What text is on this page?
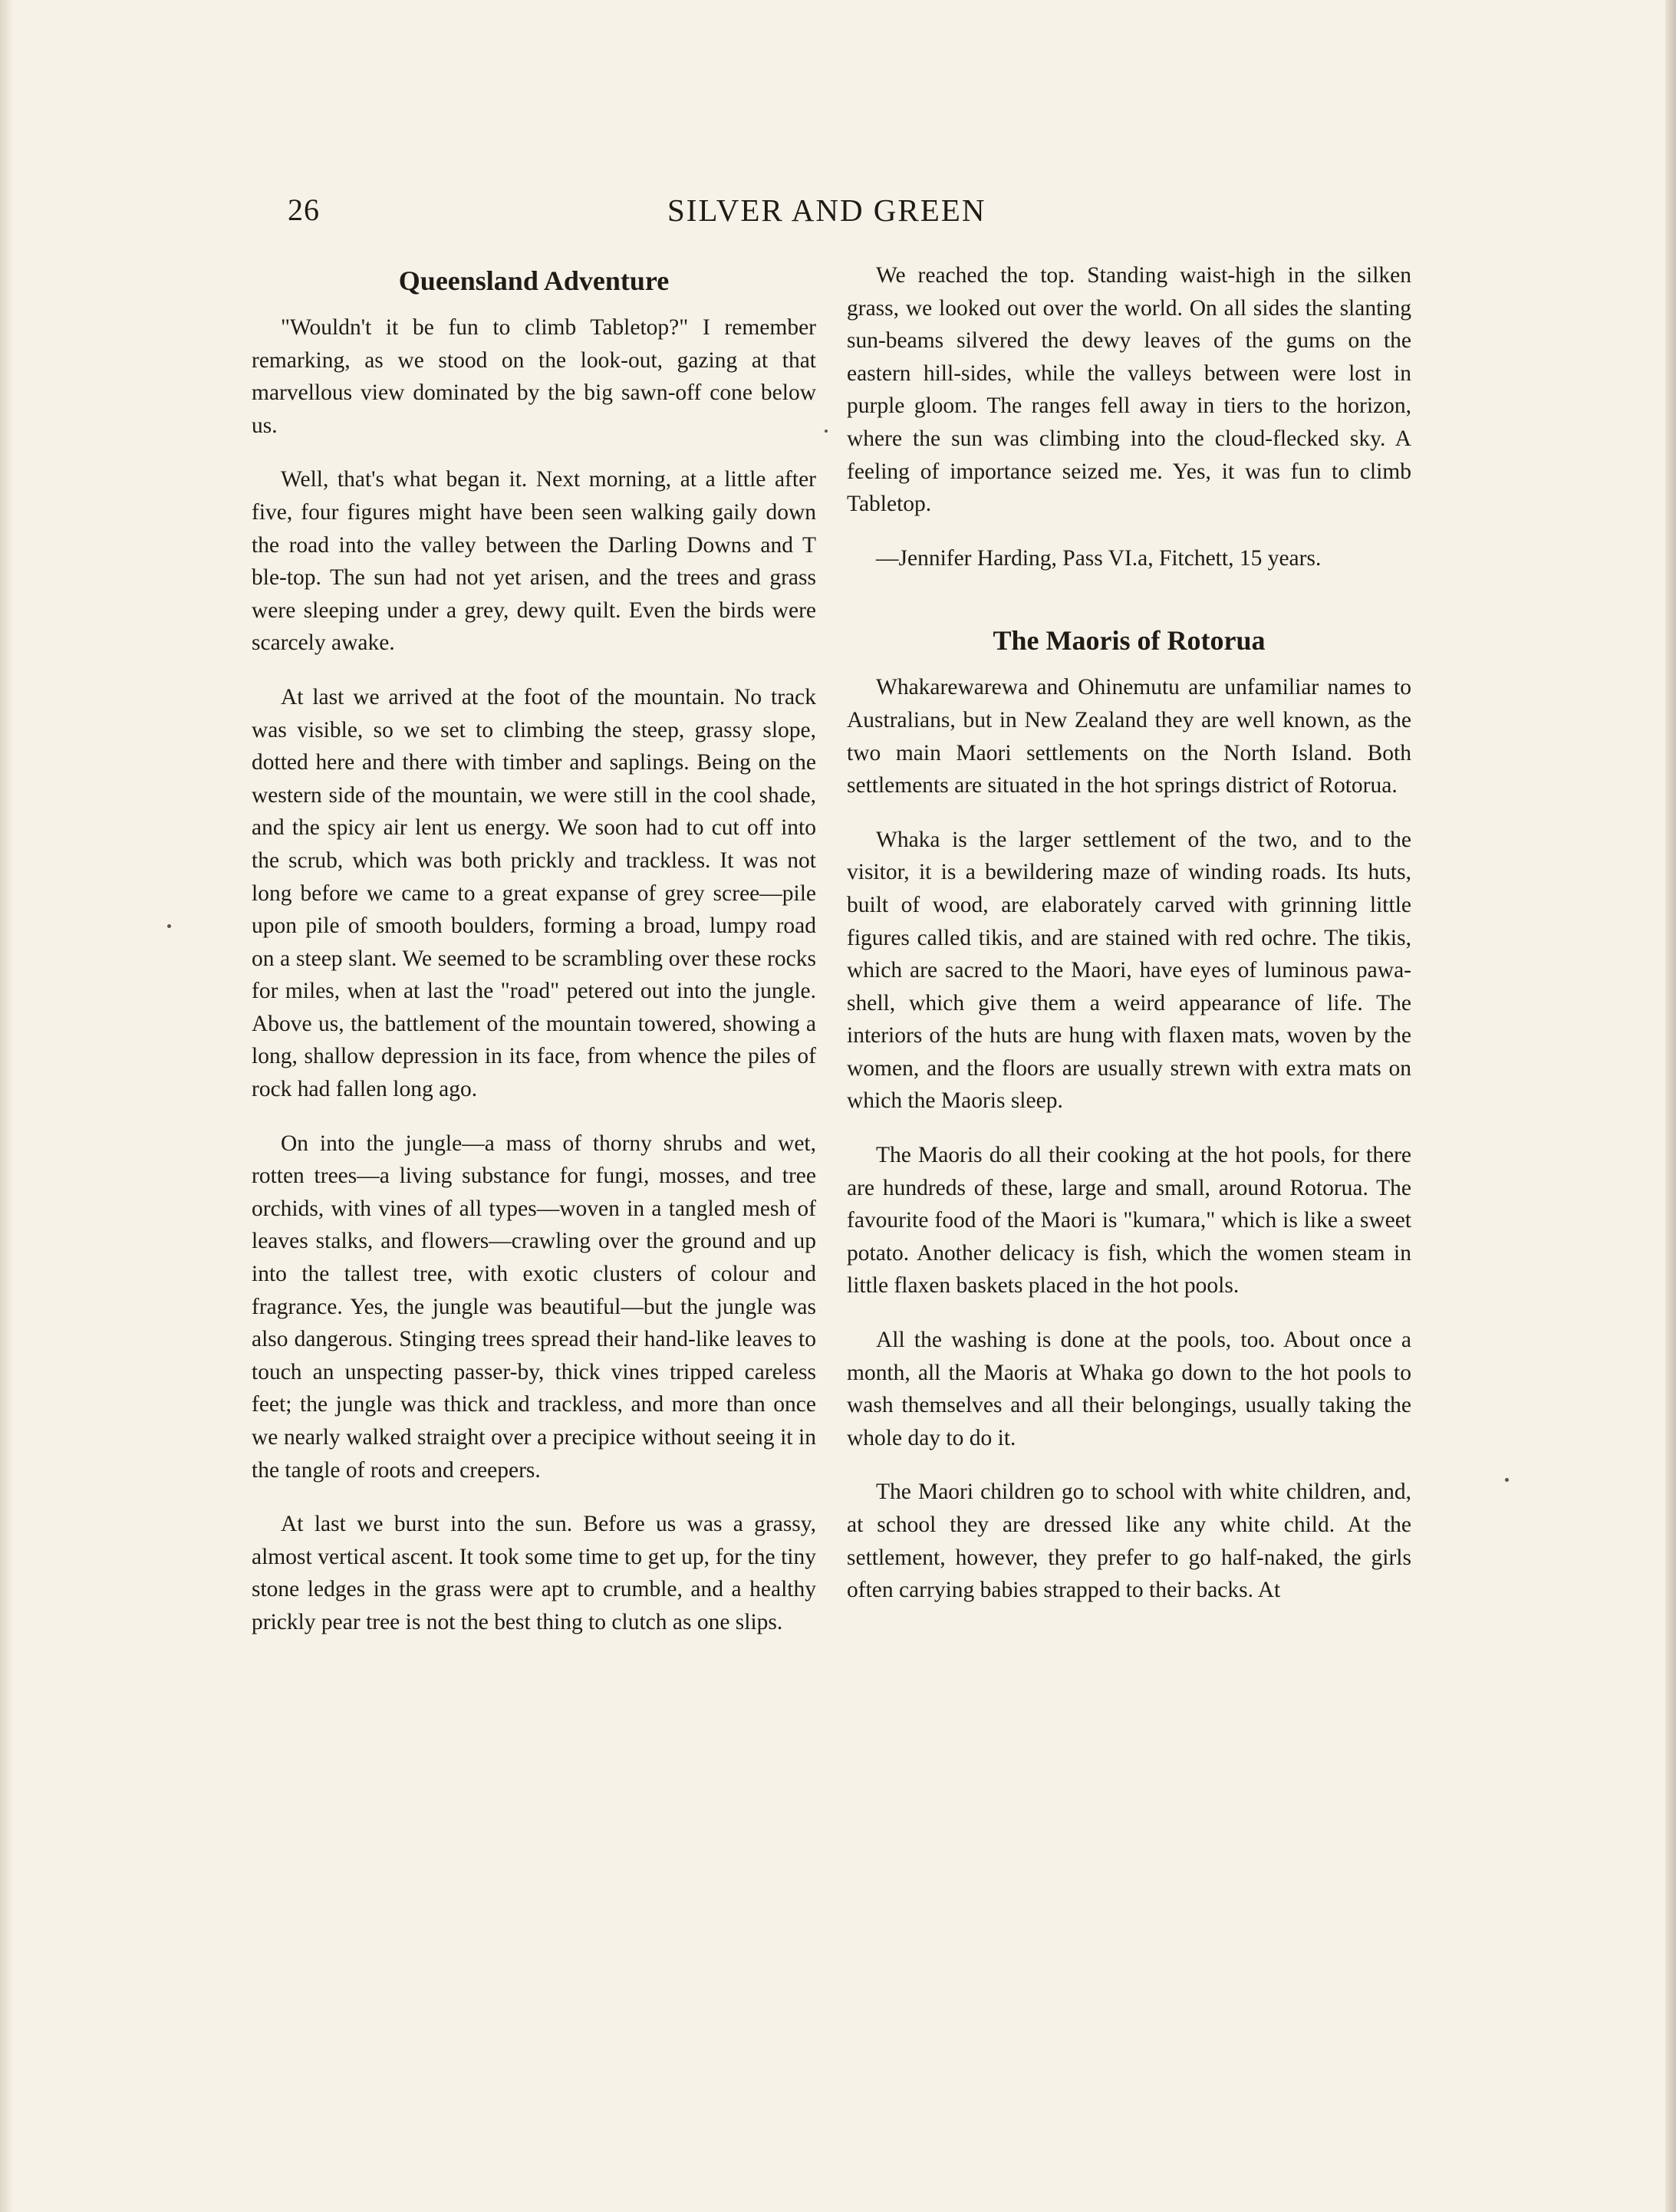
26	SILVER AND GREEN
Queensland Adventure

"Wouldn't it be fun to climb Tabletop?" I remember remarking, as we stood on the look-out, gazing at that marvellous view dominated by the big sawn-off cone below us.

Well, that's what began it. Next morning, at a little after five, four figures might have been seen walking gaily down the road into the valley between the Darling Downs and T ble-top. The sun had not yet arisen, and the trees and grass were sleeping under a grey, dewy quilt. Even the birds were scarcely awake.

At last we arrived at the foot of the mountain. No track was visible, so we set to climbing the steep, grassy slope, dotted here and there with timber and saplings. Being on the western side of the mountain, we were still in the cool shade, and the spicy air lent us energy. We soon had to cut off into the scrub, which was both prickly and trackless. It was not long before we came to a great expanse of grey scree—pile upon pile of smooth boulders, forming a broad, lumpy road on a steep slant. We seemed to be scrambling over these rocks for miles, when at last the "road" petered out into the jungle. Above us, the battlement of the mountain towered, showing a long, shallow depression in its face, from whence the piles of rock had fallen long ago.

On into the jungle—a mass of thorny shrubs and wet, rotten trees—a living substance for fungi, mosses, and tree orchids, with vines of all types—woven in a tangled mesh of leaves stalks, and flowers—crawling over the ground and up into the tallest tree, with exotic clusters of colour and fragrance. Yes, the jungle was beautiful—but the jungle was also dangerous. Stinging trees spread their hand-like leaves to touch an unspecting passer-by, thick vines tripped careless feet; the jungle was thick and trackless, and more than once we nearly walked straight over a precipice without seeing it in the tangle of roots and creepers.

At last we burst into the sun. Before us was a grassy, almost vertical ascent. It took some time to get up, for the tiny stone ledges in the grass were apt to crumble, and a healthy prickly pear tree is not the best thing to clutch as one slips.

We reached the top. Standing waist-high in the silken grass, we looked out over the world. On all sides the slanting sun-beams silvered the dewy leaves of the gums on the eastern hill-sides, while the valleys between were lost in purple gloom. The ranges fell away in tiers to the horizon, where the sun was climbing into the cloud-flecked sky. A feeling of importance seized me. Yes, it was fun to climb Tabletop.

—Jennifer Harding, Pass VI.a, Fitchett, 15 years.

The Maoris of Rotorua

Whakarewarewa and Ohinemutu are unfamiliar names to Australians, but in New Zealand they are well known, as the two main Maori settlements on the North Island. Both settlements are situated in the hot springs district of Rotorua.

Whaka is the larger settlement of the two, and to the visitor, it is a bewildering maze of winding roads. Its huts, built of wood, are elaborately carved with grinning little figures called tikis, and are stained with red ochre. The tikis, which are sacred to the Maori, have eyes of luminous pawa-shell, which give them a weird appearance of life. The interiors of the huts are hung with flaxen mats, woven by the women, and the floors are usually strewn with extra mats on which the Maoris sleep.

The Maoris do all their cooking at the hot pools, for there are hundreds of these, large and small, around Rotorua. The favourite food of the Maori is "kumara," which is like a sweet potato. Another delicacy is fish, which the women steam in little flaxen baskets placed in the hot pools.

All the washing is done at the pools, too. About once a month, all the Maoris at Whaka go down to the hot pools to wash themselves and all their belongings, usually taking the whole day to do it.

The Maori children go to school with white children, and, at school they are dressed like any white child. At the settlement, however, they prefer to go half-naked, the girls often carrying babies strapped to their backs. At
